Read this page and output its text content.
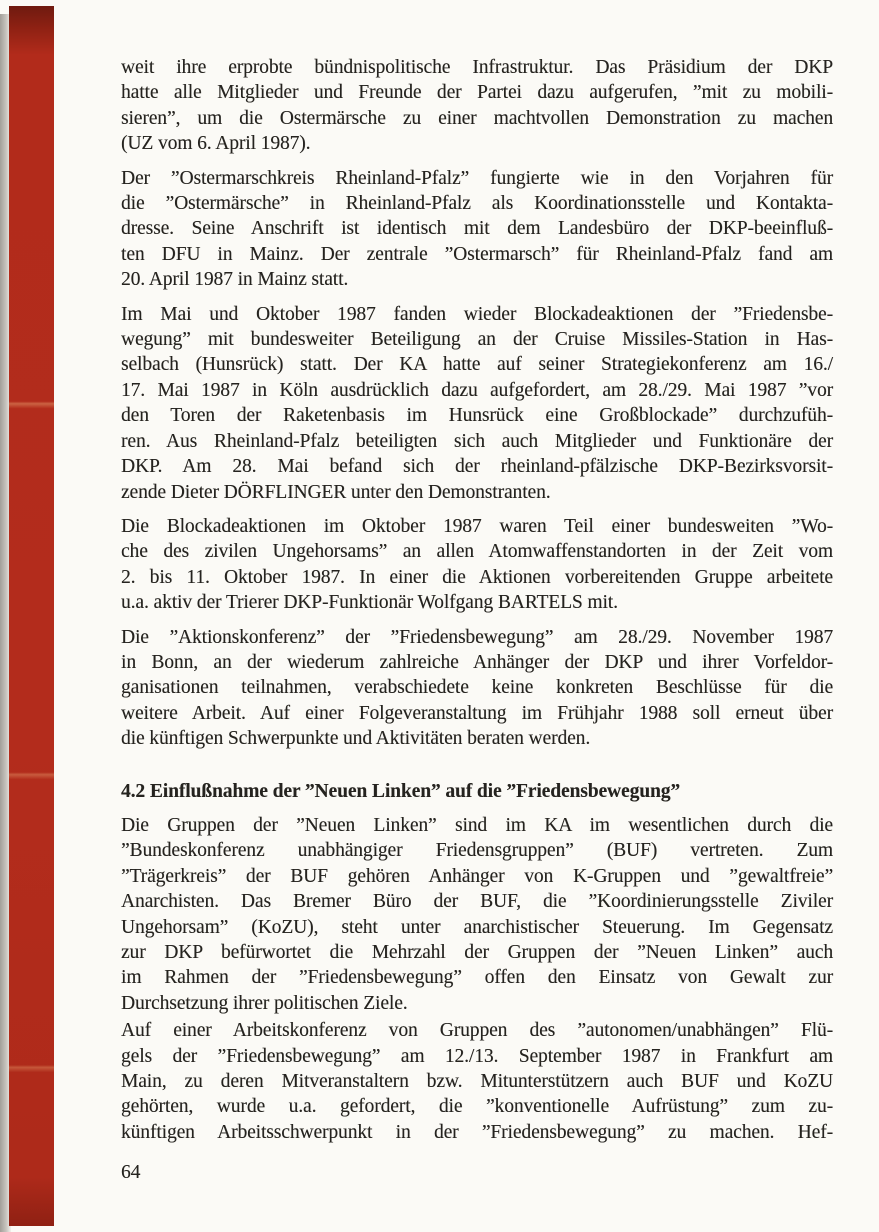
weit ihre erprobte bündnispolitische Infrastruktur. Das Präsidium der DKP
hatte alle Mitglieder und Freunde der Partei dazu aufgerufen, ”mit zu mobili-
sieren”, um die Ostermärsche zu einer machtvollen Demonstration zu machen
(UZ vom 6. April 1987).
Der ”Ostermarschkreis Rheinland-Pfalz” fungierte wie in den Vorjahren für
die ”Ostermärsche” in Rheinland-Pfalz als Koordinationsstelle und Kontakta-
dresse. Seine Anschrift ist identisch mit dem Landesbüro der DKP-beeinfluß-
ten DFU in Mainz. Der zentrale ”Ostermarsch” für Rheinland-Pfalz fand am
20. April 1987 in Mainz statt.
Im Mai und Oktober 1987 fanden wieder Blockadeaktionen der ”Friedensbe-
wegung” mit bundesweiter Beteiligung an der Cruise Missiles-Station in Has-
selbach (Hunsrück) statt. Der KA hatte auf seiner Strategiekonferenz am 16./
17. Mai 1987 in Köln ausdrücklich dazu aufgefordert, am 28./29. Mai 1987 ”vor
den Toren der Raketenbasis im Hunsrück eine Großblockade” durchzufüh-
ren. Aus Rheinland-Pfalz beteiligten sich auch Mitglieder und Funktionäre der
DKP. Am 28. Mai befand sich der rheinland-pfälzische DKP-Bezirksvorsit-
zende Dieter DÖRFLINGER unter den Demonstranten.
Die Blockadeaktionen im Oktober 1987 waren Teil einer bundesweiten ”Wo-
che des zivilen Ungehorsams” an allen Atomwaffenstandorten in der Zeit vom
2. bis 11. Oktober 1987. In einer die Aktionen vorbereitenden Gruppe arbeitete
u.a. aktiv der Trierer DKP-Funktionär Wolfgang BARTELS mit.
Die ”Aktionskonferenz” der ”Friedensbewegung” am 28./29. November 1987
in Bonn, an der wiederum zahlreiche Anhänger der DKP und ihrer Vorfeldor-
ganisationen teilnahmen, verabschiedete keine konkreten Beschlüsse für die
weitere Arbeit. Auf einer Folgeveranstaltung im Frühjahr 1988 soll erneut über
die künftigen Schwerpunkte und Aktivitäten beraten werden.
4.2 Einflußnahme der ”Neuen Linken” auf die ”Friedensbewegung”
Die Gruppen der ”Neuen Linken” sind im KA im wesentlichen durch die
”Bundeskonferenz unabhängiger Friedensgruppen” (BUF) vertreten. Zum
”Trägerkreis” der BUF gehören Anhänger von K-Gruppen und ”gewaltfreie”
Anarchisten. Das Bremer Büro der BUF, die ”Koordinierungsstelle Ziviler
Ungehorsam” (KoZU), steht unter anarchistischer Steuerung. Im Gegensatz
zur DKP befürwortet die Mehrzahl der Gruppen der ”Neuen Linken” auch
im Rahmen der ”Friedensbewegung” offen den Einsatz von Gewalt zur
Durchsetzung ihrer politischen Ziele.
Auf einer Arbeitskonferenz von Gruppen des ”autonomen/unabhängen” Flü-
gels der ”Friedensbewegung” am 12./13. September 1987 in Frankfurt am
Main, zu deren Mitveranstaltern bzw. Mitunterstützern auch BUF und KoZU
gehörten, wurde u.a. gefordert, die ”konventionelle Aufrüstung” zum zu-
künftigen Arbeitsschwerpunkt in der ”Friedensbewegung” zu machen. Hef-
64
